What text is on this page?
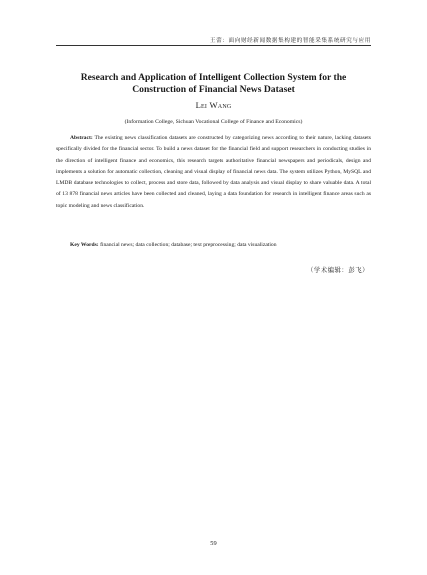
王蕾：面向财经新闻数据集构建的智能采集系统研究与应用
Research and Application of Intelligent Collection System for the Construction of Financial News Dataset
Lei Wang
(Information College, Sichuan Vocational College of Finance and Economics)

Abstract: The existing news classification datasets are constructed by categorizing news according to their nature, lacking datasets specifically divided for the financial sector. To build a news dataset for the financial field and support researchers in conducting studies in the direction of intelligent finance and economics, this research targets authoritative financial newspapers and periodicals, design and implements a solution for automatic collection, cleaning and visual display of financial news data. The system utilizes Python, MySQL and LMDB database technologies to collect, process and store data, followed by data analysis and visual display to share valuable data. A total of 13 878 financial news articles have been collected and cleaned, laying a data foundation for research in intelligent finance areas such as topic modeling and news classification.

Key Words: financial news; data collection; database; text preprocessing; data visualization
（学术编辑：彭飞）
59
